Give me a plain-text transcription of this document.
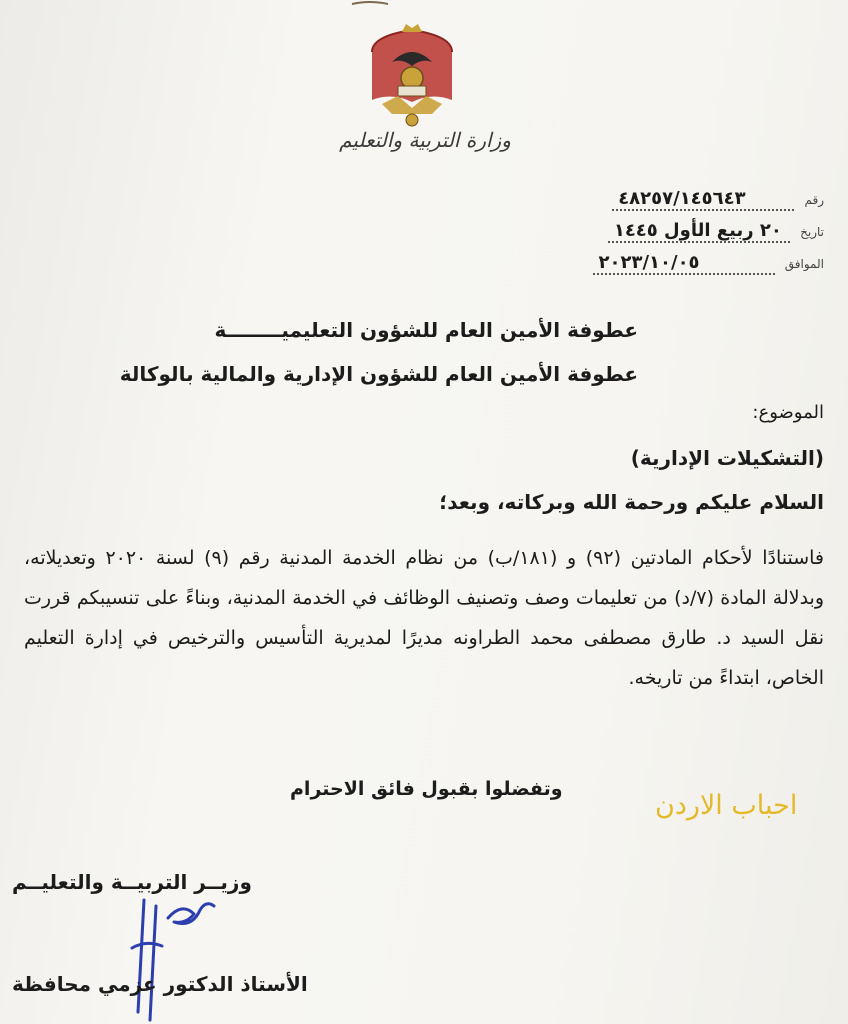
وزارة التربية والتعليم
رقم ٤٨٢٥٧/١٤٥٦٤٣
تاريخ ٢٠ ربيع الأول ١٤٤٥
الموافق ٢٠٢٣/١٠/٠٥
عطوفة الأمين العام للشؤون التعليميــــــــة
عطوفة الأمين العام للشؤون الإدارية والمالية بالوكالة
الموضوع:
(التشكيلات الإدارية)
السلام عليكم ورحمة الله وبركاته، وبعد؛
فاستنادًا لأحكام المادتين (٩٢) و (١٨١/ب) من نظام الخدمة المدنية رقم (٩) لسنة ٢٠٢٠ وتعديلاته، وبدلالة المادة (٧/د) من تعليمات وصف وتصنيف الوظائف في الخدمة المدنية، وبناءً على تنسيبكم قررت نقل السيد د. طارق مصطفى محمد الطراونه مديرًا لمديرية التأسيس والترخيص في إدارة التعليم الخاص، ابتداءً من تاريخه.
وتفضلوا بقبول فائق الاحترام
احباب الاردن
وزيــر التربيــة والتعليــم
الأستاذ الدكتور عزمي محافظة
